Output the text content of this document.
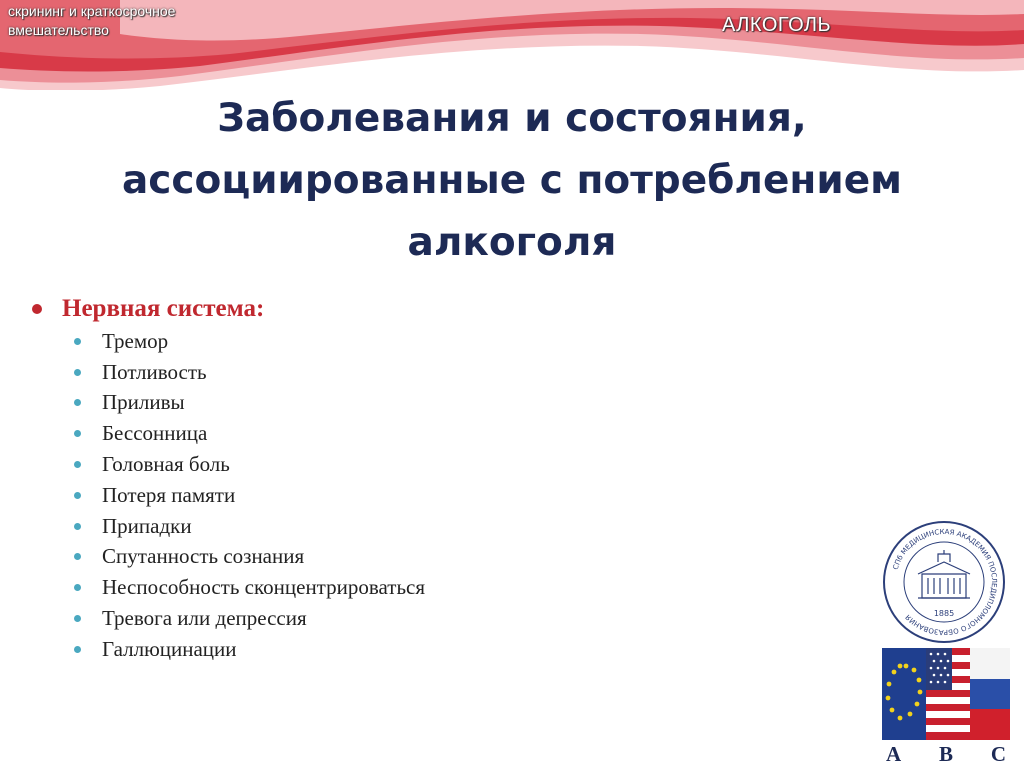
скрининг и краткосрочное вмешательство	АЛКОГОЛЬ
Заболевания и состояния, ассоциированные с потреблением алкоголя
Нервная система:
Тремор
Потливость
Приливы
Бессонница
Головная боль
Потеря памяти
Припадки
Спутанность сознания
Неспособность сконцентрироваться
Тревога или депрессия
Галлюцинации
СПб МЕДИЦИНСКАЯ АКАДЕМИЯ ПОСЛЕДИПЛОМНОГО ОБРАЗОВАНИЯ	1885
A B C
